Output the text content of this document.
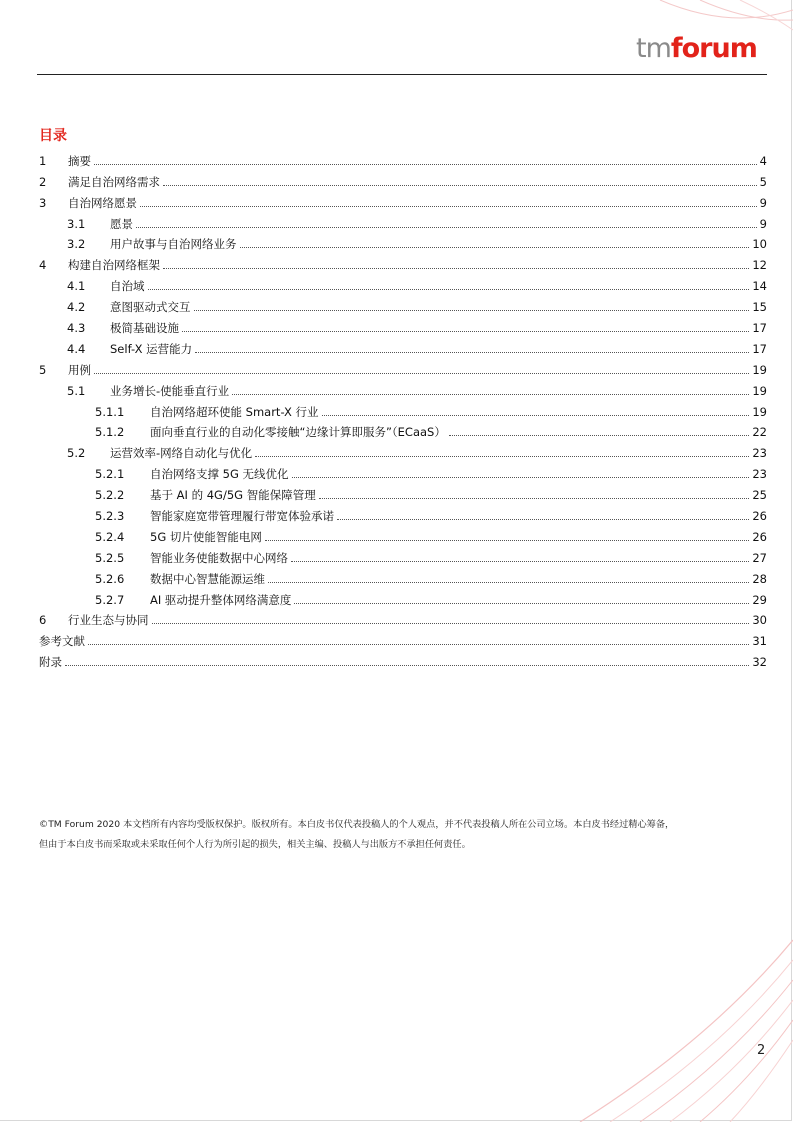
tmforum
目录
1	摘要	4
2	满足自治网络需求	5
3	自治网络愿景	9
3.1	愿景	9
3.2	用户故事与自治网络业务	10
4	构建自治网络框架	12
4.1	自治域	14
4.2	意图驱动式交互	15
4.3	极简基础设施	17
4.4	Self-X 运营能力	17
5	用例	19
5.1	业务增长-使能垂直行业	19
5.1.1	自治网络超环使能 Smart-X 行业	19
5.1.2	面向垂直行业的自动化零接触“边缘计算即服务”（ECaaS）	22
5.2	运营效率-网络自动化与优化	23
5.2.1	自治网络支撑 5G 无线优化	23
5.2.2	基于 AI 的 4G/5G 智能保障管理	25
5.2.3	智能家庭宽带管理履行带宽体验承诺	26
5.2.4	5G 切片使能智能电网	26
5.2.5	智能业务使能数据中心网络	27
5.2.6	数据中心智慧能源运维	28
5.2.7	AI 驱动提升整体网络满意度	29
6	行业生态与协同	30
参考文献	31
附录	32
©TM Forum 2020 本文档所有内容均受版权保护。版权所有。本白皮书仅代表投稿人的个人观点，并不代表投稿人所在公司立场。本白皮书经过精心筹备，
但由于本白皮书而采取或未采取任何个人行为所引起的损失，相关主编、投稿人与出版方不承担任何责任。
2
